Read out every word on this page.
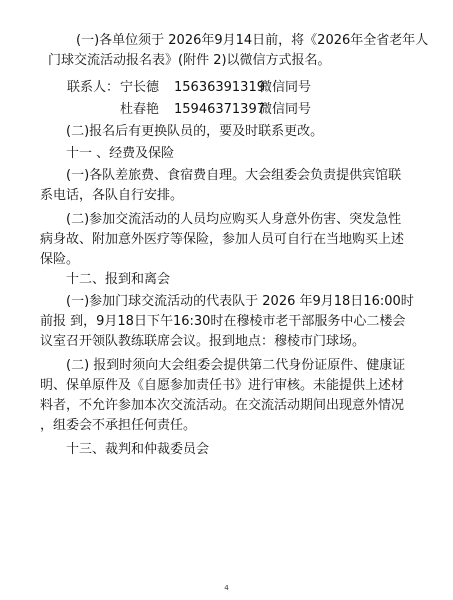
(一)各单位须于 2026年9月14日前，将《2026年全省老年人
门球交流活动报名表》(附件 2)以微信方式报名。
联系人： 宁长德 15636391319
微信同号
杜春艳 15946371397
微信同号
(二)报名后有更换队员的，要及时联系更改。
十一 、经费及保险
(一)各队差旅费、食宿费自理。大会组委会负责提供宾馆联
系电话，各队自行安排。
(二)参加交流活动的人员均应购买人身意外伤害、突发急性
病身故、附加意外医疗等保险，参加人员可自行在当地购买上述
保险。
十二、报到和离会
(一)参加门球交流活动的代表队于 2026 年9月18日16:00时
前报 到，9月18日下午16:30时在穆棱市老干部服务中心二楼会
议室召开领队教练联席会议。报到地点：穆棱市门球场。
(二) 报到时须向大会组委会提供第二代身份证原件、健康证
明、保单原件及《自愿参加责任书》进行审核。未能提供上述材
料者，不允许参加本次交流活动。在交流活动期间出现意外情况
，组委会不承担任何责任。
十三、裁判和仲裁委员会
4
